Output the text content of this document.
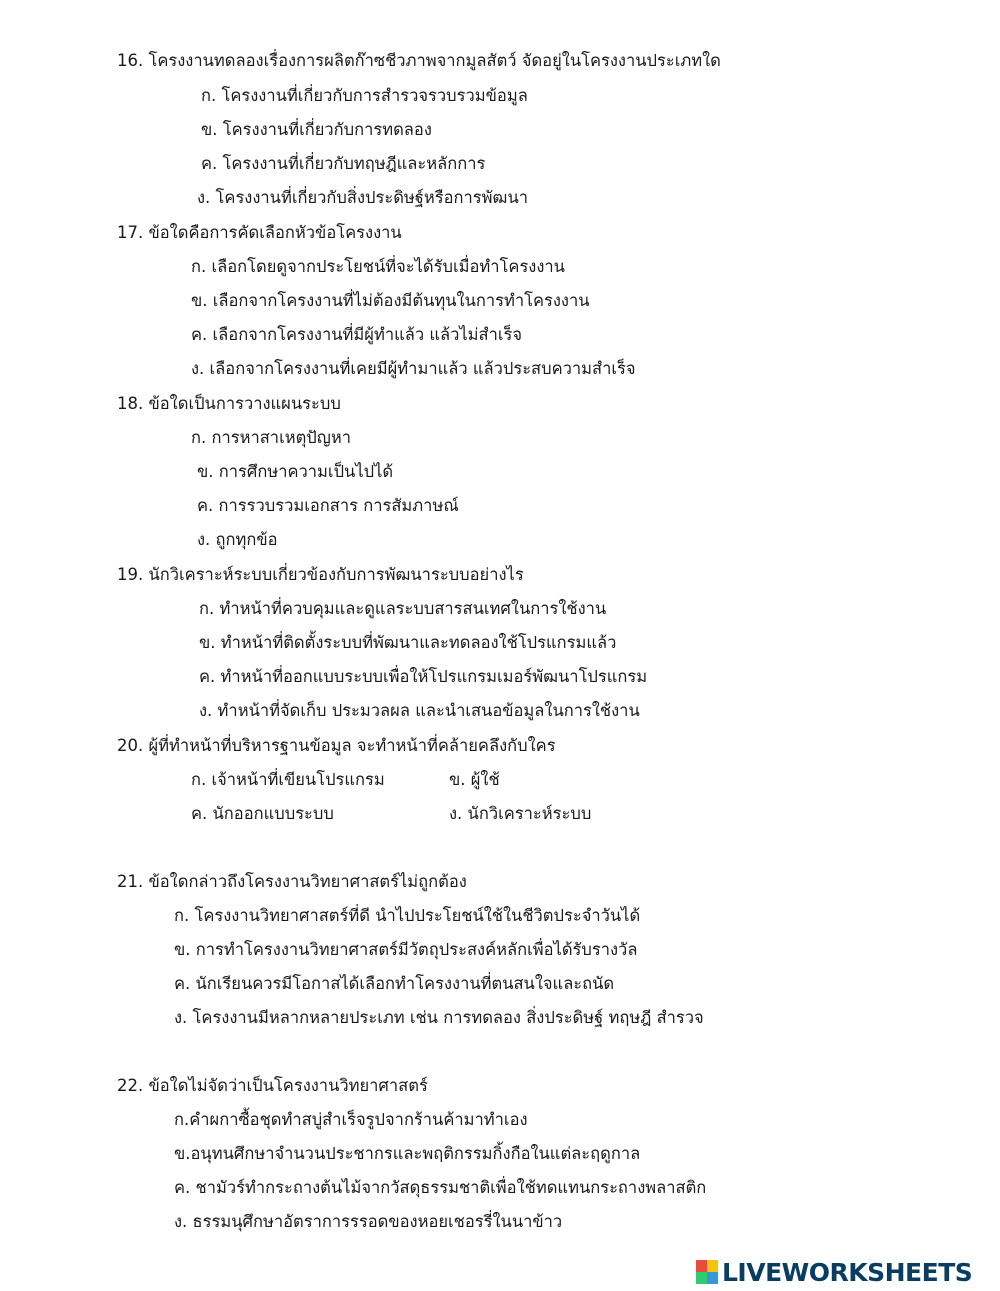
16. โครงงานทดลองเรื่องการผลิตก๊าซชีวภาพจากมูลสัตว์ จัดอยู่ในโครงงานประเภทใด
ก. โครงงานที่เกี่ยวกับการสำรวจรวบรวมข้อมูล
ข. โครงงานที่เกี่ยวกับการทดลอง
ค. โครงงานที่เกี่ยวกับทฤษฎีและหลักการ
ง. โครงงานที่เกี่ยวกับสิ่งประดิษฐ์หรือการพัฒนา
17. ข้อใดคือการคัดเลือกหัวข้อโครงงาน
ก. เลือกโดยดูจากประโยชน์ที่จะได้รับเมื่อทำโครงงาน
ข. เลือกจากโครงงานที่ไม่ต้องมีต้นทุนในการทำโครงงาน
ค. เลือกจากโครงงานที่มีผู้ทำแล้ว แล้วไม่สำเร็จ
ง. เลือกจากโครงงานที่เคยมีผู้ทำมาแล้ว แล้วประสบความสำเร็จ
18. ข้อใดเป็นการวางแผนระบบ
ก. การหาสาเหตุปัญหา
ข. การศึกษาความเป็นไปได้
ค. การรวบรวมเอกสาร การสัมภาษณ์
ง. ถูกทุกข้อ
19. นักวิเคราะห์ระบบเกี่ยวข้องกับการพัฒนาระบบอย่างไร
ก. ทำหน้าที่ควบคุมและดูแลระบบสารสนเทศในการใช้งาน
ข. ทำหน้าที่ติดตั้งระบบที่พัฒนาและทดลองใช้โปรแกรมแล้ว
ค. ทำหน้าที่ออกแบบระบบเพื่อให้โปรแกรมเมอร์พัฒนาโปรแกรม
ง. ทำหน้าที่จัดเก็บ ประมวลผล และนำเสนอข้อมูลในการใช้งาน
20. ผู้ที่ทำหน้าที่บริหารฐานข้อมูล จะทำหน้าที่คล้ายคลึงกับใคร
ก. เจ้าหน้าที่เขียนโปรแกรม	ข. ผู้ใช้
ค. นักออกแบบระบบ	ง. นักวิเคราะห์ระบบ
21. ข้อใดกล่าวถึงโครงงานวิทยาศาสตร์ไม่ถูกต้อง
ก. โครงงานวิทยาศาสตร์ที่ดี นำไปประโยชน์ใช้ในชีวิตประจำวันได้
ข. การทำโครงงานวิทยาศาสตร์มีวัตถุประสงค์หลักเพื่อได้รับรางวัล
ค. นักเรียนควรมีโอกาสได้เลือกทำโครงงานที่ตนสนใจและถนัด
ง. โครงงานมีหลากหลายประเภท เช่น การทดลอง สิ่งประดิษฐ์ ทฤษฎี สำรวจ
22. ข้อใดไม่จัดว่าเป็นโครงงานวิทยาศาสตร์
ก.คำผกาซื้อชุดทำสบู่สำเร็จรูปจากร้านค้ามาทำเอง
ข.อนุทนศึกษาจำนวนประชากรและพฤติกรรมกิ้งกือในแต่ละฤดูกาล
ค. ชามัวร์ทำกระถางต้นไม้จากวัสดุธรรมชาติเพื่อใช้ทดแทนกระถางพลาสติก
ง. ธรรมนุศึกษาอัตราการรรอดของหอยเชอรรี่ในนาข้าว
LIVEWORKSHEETS
